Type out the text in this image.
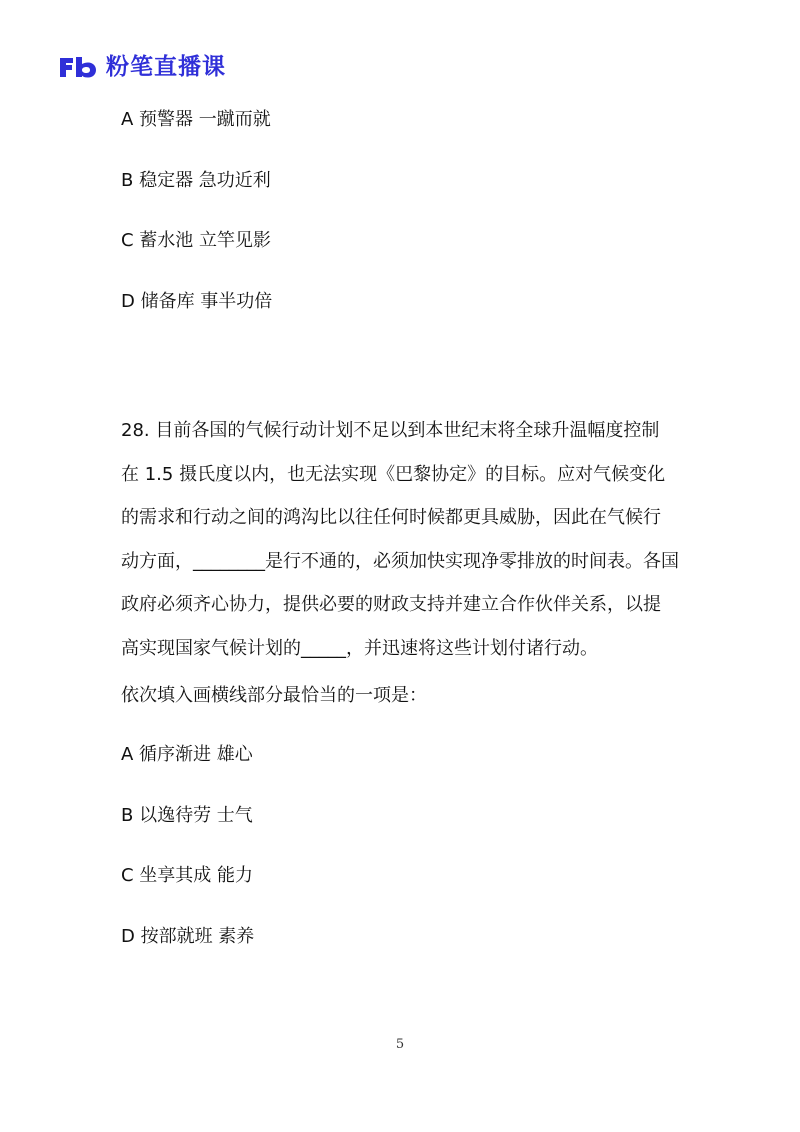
粉笔直播课
A 预警器 一蹴而就
B 稳定器 急功近利
C 蓄水池 立竿见影
D 储备库 事半功倍
28. 目前各国的气候行动计划不足以到本世纪末将全球升温幅度控制
在 1.5 摄氏度以内，也无法实现《巴黎协定》的目标。应对气候变化
的需求和行动之间的鸿沟比以往任何时候都更具威胁，因此在气候行
动方面，________是行不通的，必须加快实现净零排放的时间表。各国
政府必须齐心协力，提供必要的财政支持并建立合作伙伴关系，以提
高实现国家气候计划的_____，并迅速将这些计划付诸行动。
依次填入画横线部分最恰当的一项是：
A 循序渐进 雄心
B 以逸待劳 士气
C 坐享其成 能力
D 按部就班 素养
5
